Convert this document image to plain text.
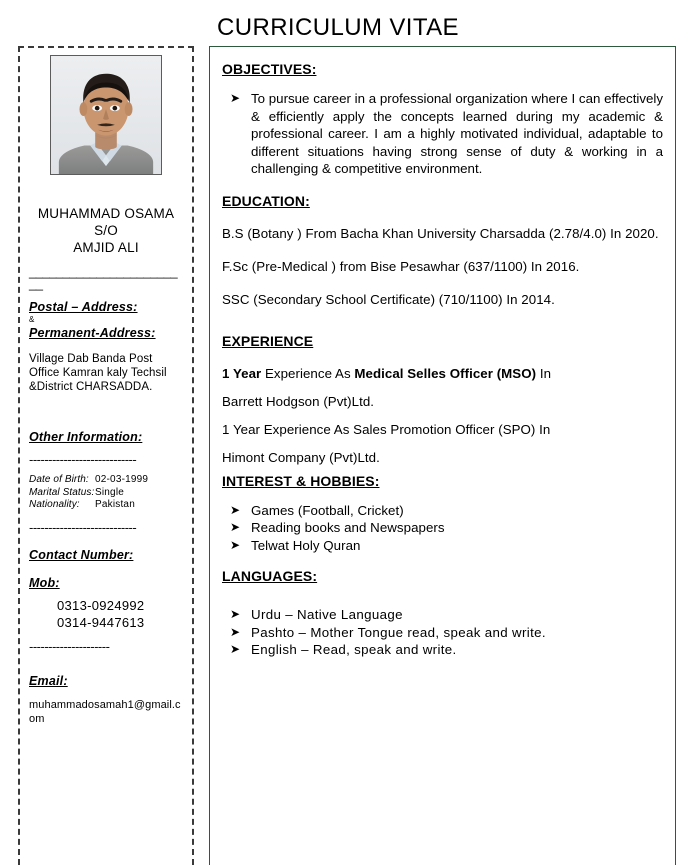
CURRICULUM VITAE
MUHAMMAD OSAMA
S/O
AMJID ALI
________________________
Postal – Address:
&
Permanent-Address:
Village Dab Banda Post Office Kamran kaly Techsil &District CHARSADDA.
Other Information:
----------------------------
Date of Birth: 02-03-1999
Marital Status: Single
Nationality:	Pakistan
----------------------------
Contact Number:
Mob:
0313-0924992
0314-9447613
---------------------
Email:
muhammadosamah1@gmail.com
OBJECTIVES:
➤ To pursue career in a professional organization where I can effectively & efficiently apply the concepts learned during my academic & professional career. I am a highly motivated individual, adaptable to different situations having strong sense of duty & working in a challenging & competitive environment.
EDUCATION:
B.S (Botany ) From Bacha Khan University Charsadda (2.78/4.0) In 2020.
F.Sc (Pre-Medical ) from Bise Pesawhar (637/1100) In 2016.
SSC (Secondary School Certificate) (710/1100) In 2014.
EXPERIENCE
1 Year Experience As Medical Selles Officer (MSO) In
Barrett Hodgson (Pvt)Ltd.
1 Year Experience As Sales Promotion Officer (SPO) In
Himont Company (Pvt)Ltd.
INTEREST & HOBBIES:
➤ Games (Football, Cricket)
➤ Reading books and Newspapers
➤ Telwat Holy Quran
LANGUAGES:
➤ Urdu – Native Language
➤ Pashto – Mother Tongue read, speak and write.
➤ English – Read, speak and write.
